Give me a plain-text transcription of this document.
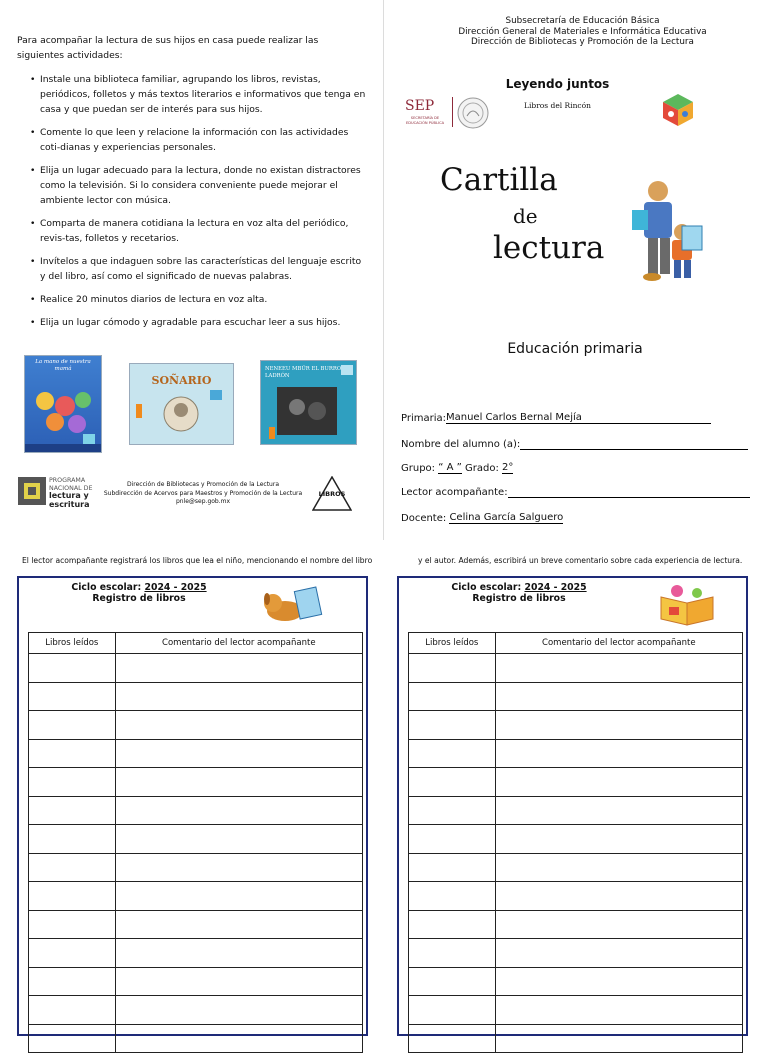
Para acompañar la lectura de sus hijos en casa puede realizar las siguientes actividades:
• Instale una biblioteca familiar, agrupando los libros, revistas, periódicos, folletos y más textos literarios e informativos que tenga en casa y que puedan ser de interés para sus hijos.
• Comente lo que leen y relacione la información con las actividades coti-dianas y experiencias personales.
• Elija un lugar adecuado para la lectura, donde no existan distractores como la televisión. Si lo considera conveniente puede mejorar el ambiente lector con música.
• Comparta de manera cotidiana la lectura en voz alta del periódico, revis-tas, folletos y recetarios.
• Invítelos a que indaguen sobre las características del lenguaje escrito y del libro, así como el significado de nuevas palabras.
• Realice 20 minutos diarios de lectura en voz alta.
• Elija un lugar cómodo y agradable para escuchar leer a sus hijos.
La mano de nuestra mamá
SOÑARIO
NENEEU MBÜR EL BURRO LADRÓN
PROGRAMA
NACIONAL DE
lectura y
escritura
Dirección de Bibliotecas y Promoción de la Lectura
Subdirección de Acervos para Maestros y Promoción de la Lectura
pnle@sep.gob.mx
LIBROS
Subsecretaría de Educación Básica
Dirección General de Materiales e Informática Educativa
Dirección de Bibliotecas y Promoción de la Lectura
SEP
SECRETARÍA DE
EDUCACIÓN PÚBLICA
Leyendo juntos
Libros del Rincón
Cartilla
de
lectura
Educación primaria
Primaria:Manuel Carlos Bernal Mejía
Nombre del alumno (a):
Grupo: “ A ” Grado: 2°
Lector acompañante:
Docente: Celina García Salguero
El lector acompañante registrará los libros que lea el niño, mencionando el nombre del libro	y el autor. Además, escribirá un breve comentario sobre cada experiencia de lectura.
Ciclo escolar: 2024 - 2025
Registro de libros
Libros leídos	Comentario del lector acompañante

Ciclo escolar: 2024 - 2025
Registro de libros
Libros leídos	Comentario del lector acompañante
